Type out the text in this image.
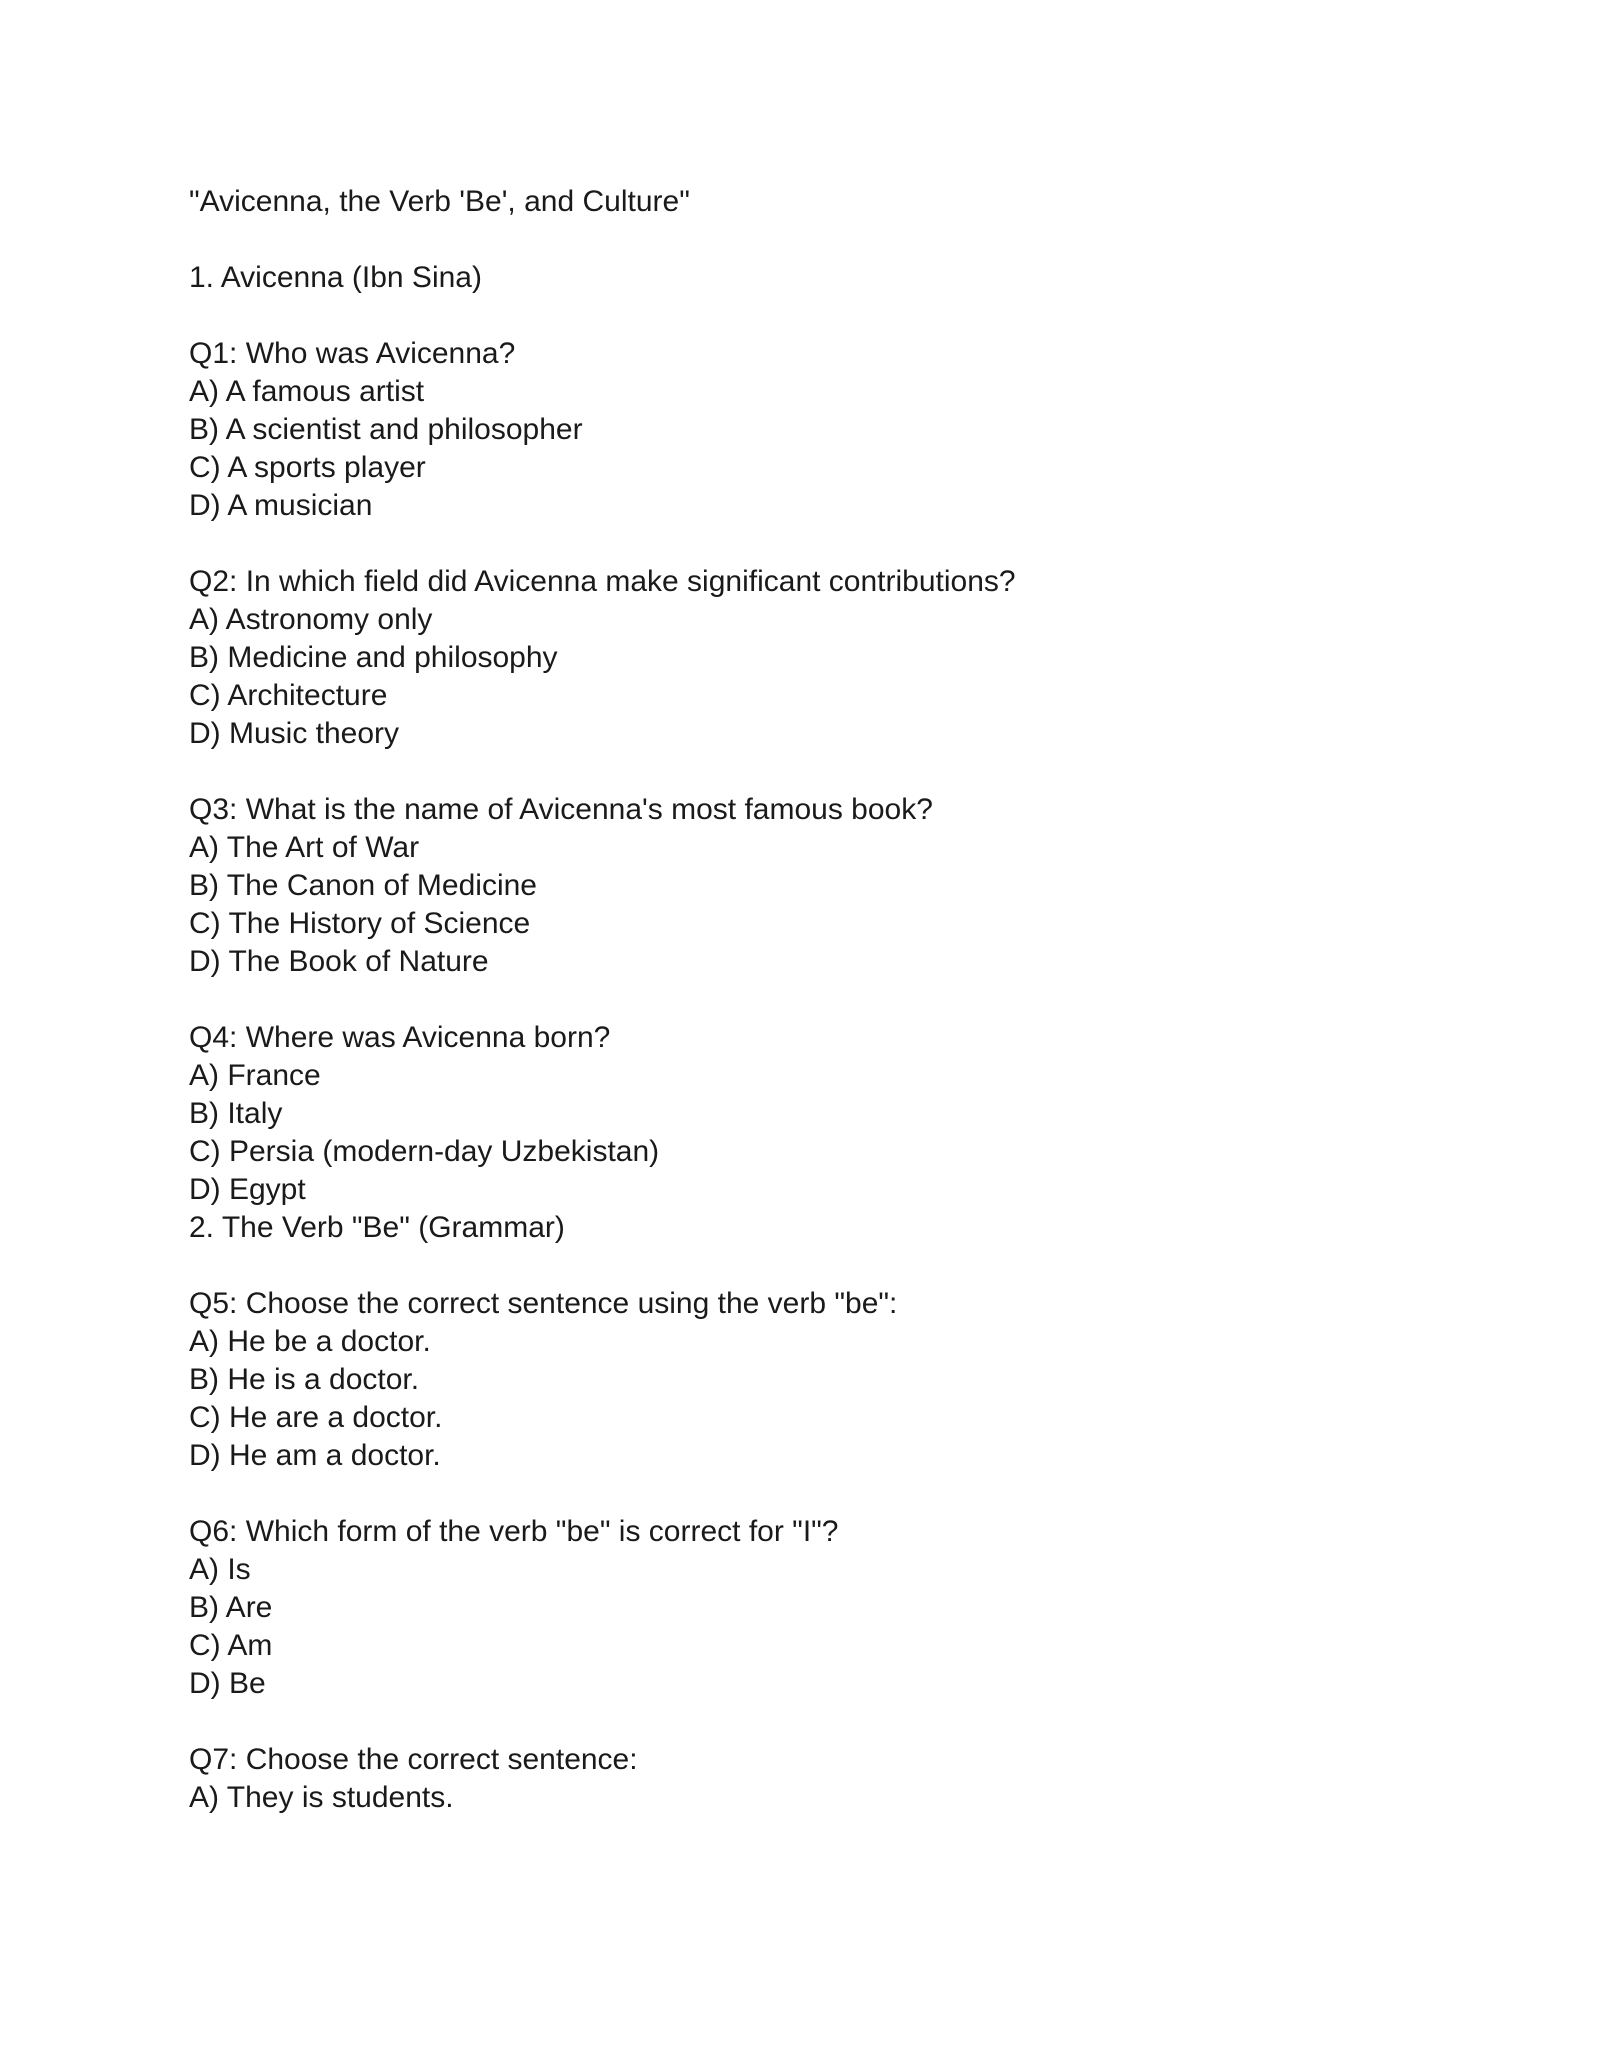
"Avicenna, the Verb 'Be', and Culture"

1. Avicenna (Ibn Sina)

Q1: Who was Avicenna?

A) A famous artist

B) A scientist and philosopher

C) A sports player

D) A musician

Q2: In which field did Avicenna make significant contributions?

A) Astronomy only

B) Medicine and philosophy

C) Architecture

D) Music theory

Q3: What is the name of Avicenna's most famous book?

A) The Art of War

B) The Canon of Medicine

C) The History of Science

D) The Book of Nature

Q4: Where was Avicenna born?

A) France

B) Italy

C) Persia (modern-day Uzbekistan)

D) Egypt

2. The Verb "Be" (Grammar)

Q5: Choose the correct sentence using the verb "be":

A) He be a doctor.

B) He is a doctor.

C) He are a doctor.

D) He am a doctor.

Q6: Which form of the verb "be" is correct for "I"?

A) Is

B) Are

C) Am

D) Be

Q7: Choose the correct sentence:

A) They is students.
